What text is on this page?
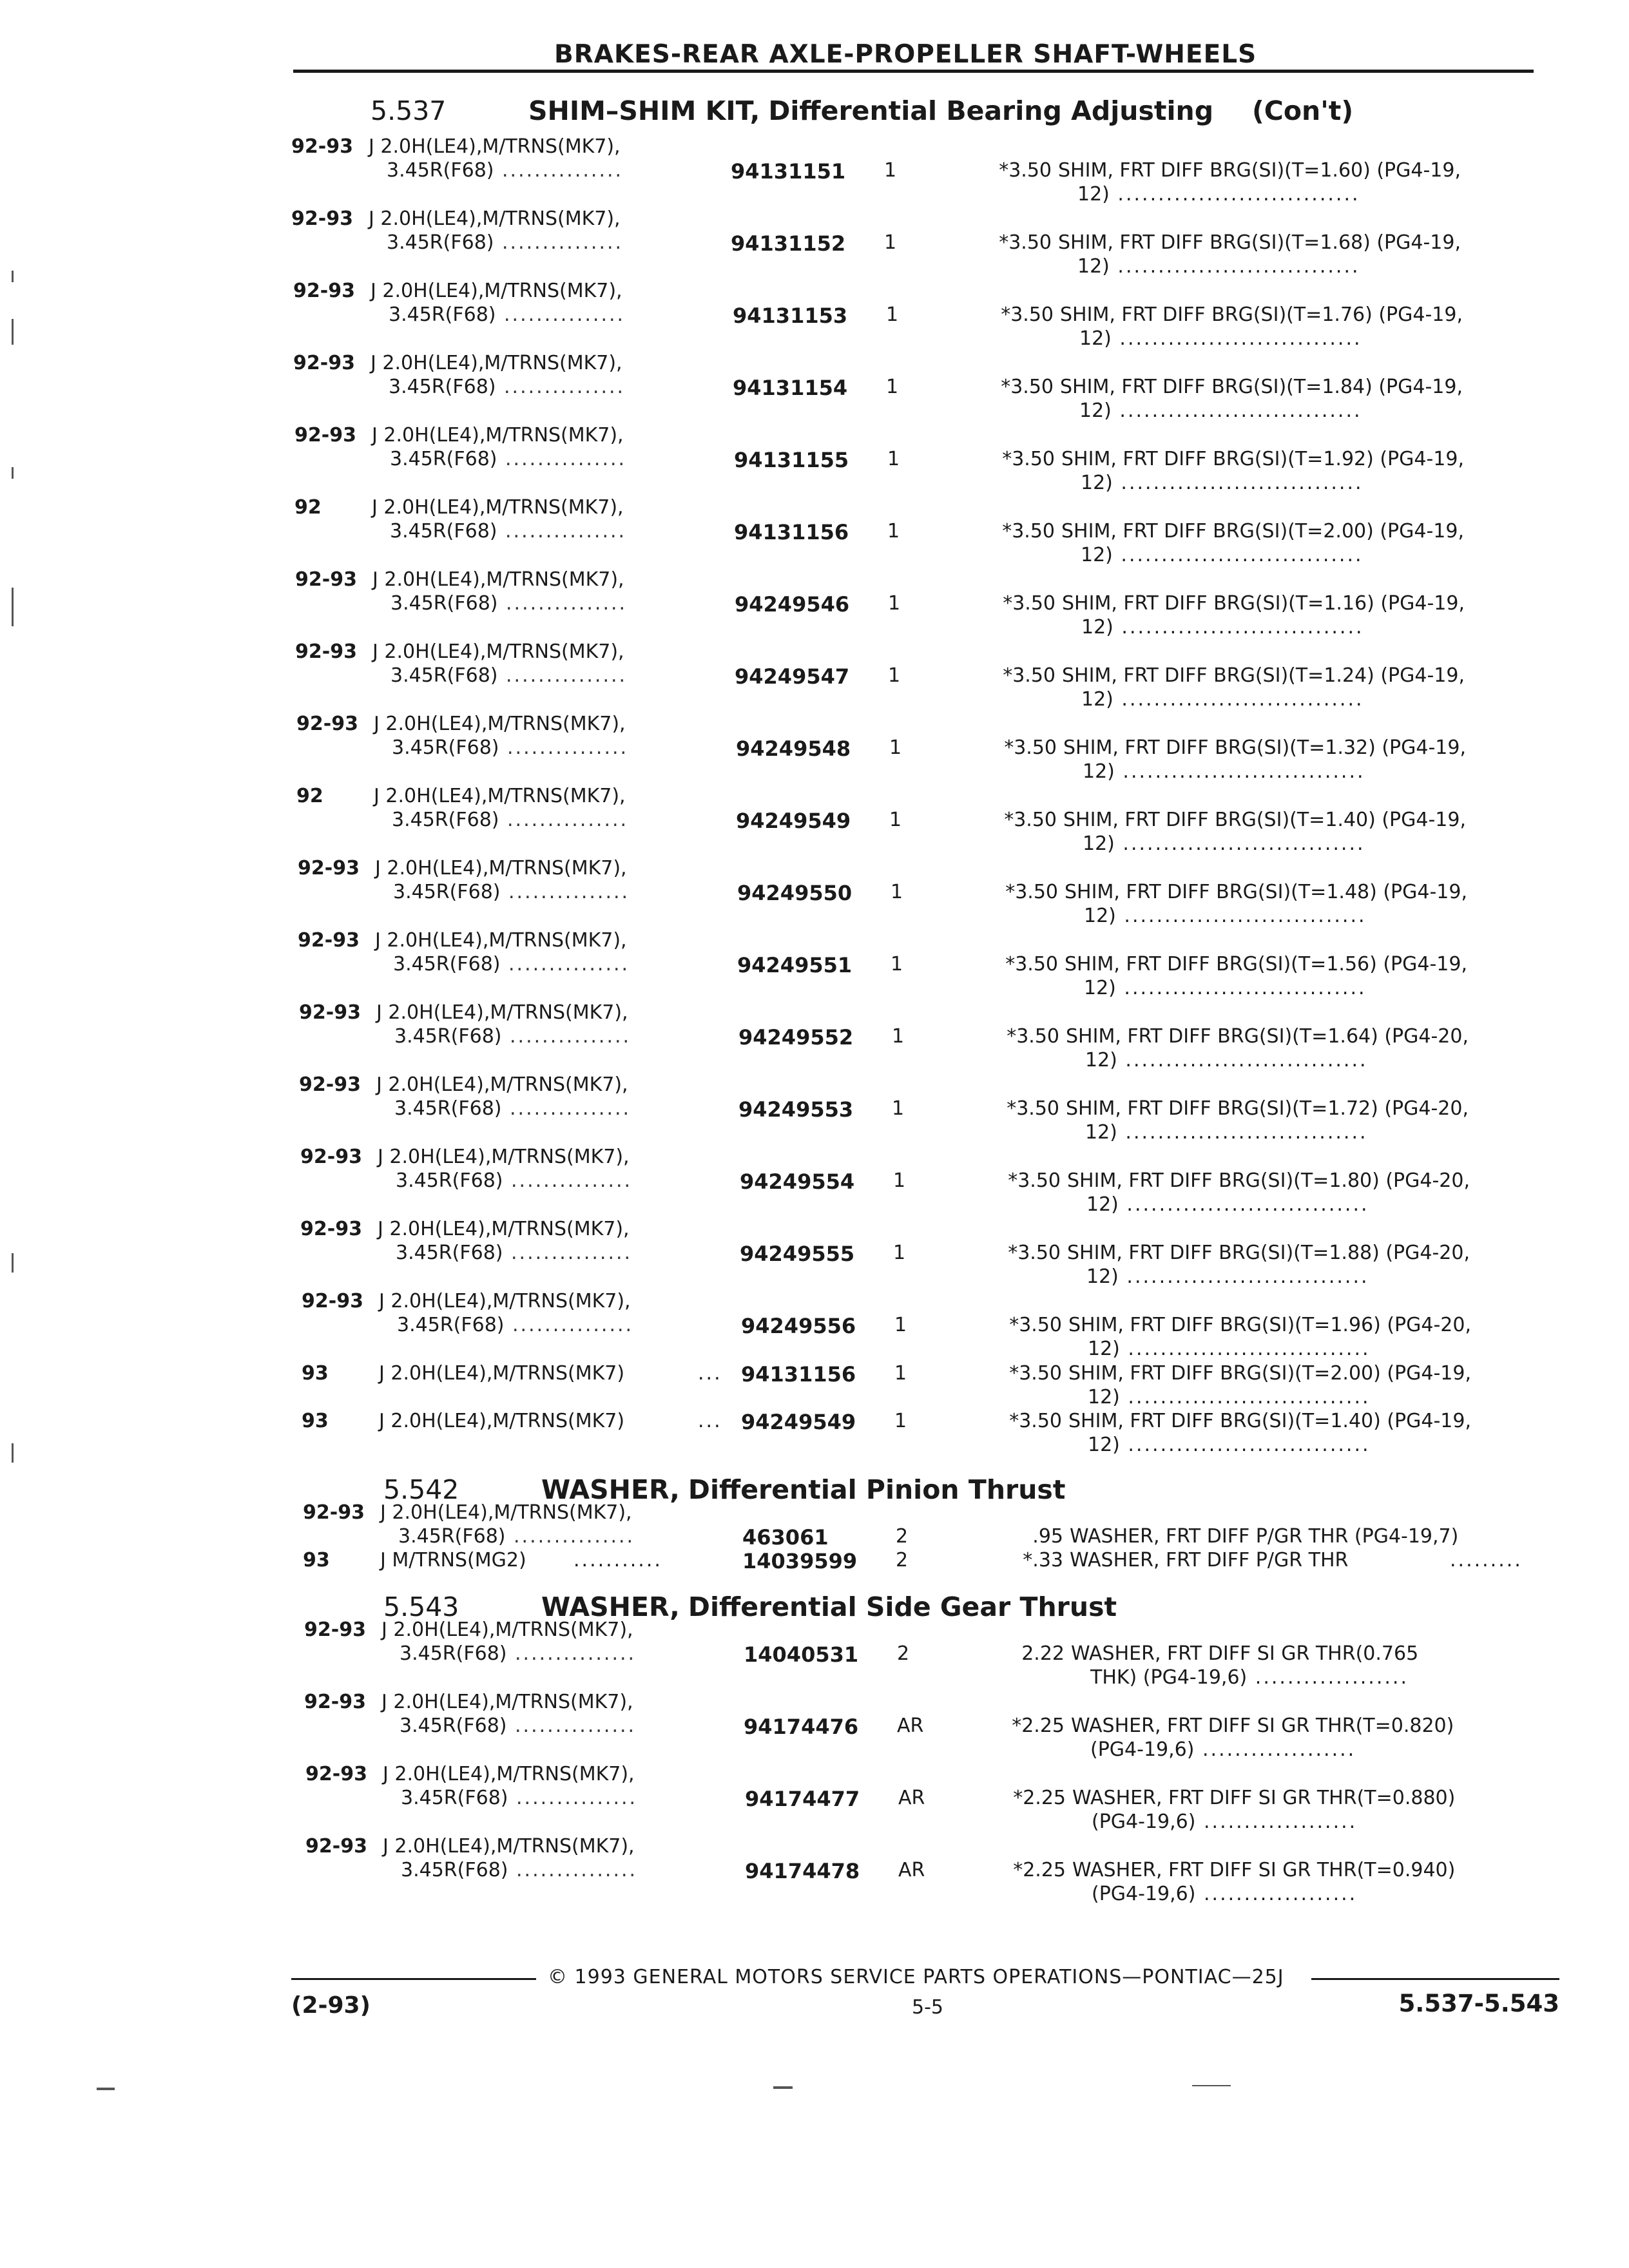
BRAKES-REAR AXLE-PROPELLER SHAFT-WHEELS
5.537	SHIM–SHIM KIT, Differential Bearing Adjusting (Con't)
5.542	WASHER, Differential Pinion Thrust
5.543	WASHER, Differential Side Gear Thrust
92-93 J 2.0H(LE4),M/TRNS(MK7),
3.45R(F68) ...............	94131151 1	*3.50 SHIM, FRT DIFF BRG(SI)(T=1.60) (PG4-19,
12) ..............................
92-93 J 2.0H(LE4),M/TRNS(MK7),
3.45R(F68) ...............	94131152 1	*3.50 SHIM, FRT DIFF BRG(SI)(T=1.68) (PG4-19,
12) ..............................
92-93 J 2.0H(LE4),M/TRNS(MK7),
3.45R(F68) ...............	94131153 1	*3.50 SHIM, FRT DIFF BRG(SI)(T=1.76) (PG4-19,
12) ..............................
92-93 J 2.0H(LE4),M/TRNS(MK7),
3.45R(F68) ...............	94131154 1	*3.50 SHIM, FRT DIFF BRG(SI)(T=1.84) (PG4-19,
12) ..............................
92-93 J 2.0H(LE4),M/TRNS(MK7),
3.45R(F68) ...............	94131155 1	*3.50 SHIM, FRT DIFF BRG(SI)(T=1.92) (PG4-19,
12) ..............................
92	J 2.0H(LE4),M/TRNS(MK7),
3.45R(F68) ...............	94131156 1	*3.50 SHIM, FRT DIFF BRG(SI)(T=2.00) (PG4-19,
12) ..............................
92-93 J 2.0H(LE4),M/TRNS(MK7),
3.45R(F68) ...............	94249546 1	*3.50 SHIM, FRT DIFF BRG(SI)(T=1.16) (PG4-19,
12) ..............................
92-93 J 2.0H(LE4),M/TRNS(MK7),
3.45R(F68) ...............	94249547 1	*3.50 SHIM, FRT DIFF BRG(SI)(T=1.24) (PG4-19,
12) ..............................
92-93 J 2.0H(LE4),M/TRNS(MK7),
3.45R(F68) ...............	94249548 1	*3.50 SHIM, FRT DIFF BRG(SI)(T=1.32) (PG4-19,
12) ..............................
92	J 2.0H(LE4),M/TRNS(MK7),
3.45R(F68) ...............	94249549 1	*3.50 SHIM, FRT DIFF BRG(SI)(T=1.40) (PG4-19,
12) ..............................
92-93 J 2.0H(LE4),M/TRNS(MK7),
3.45R(F68) ...............	94249550 1	*3.50 SHIM, FRT DIFF BRG(SI)(T=1.48) (PG4-19,
12) ..............................
92-93 J 2.0H(LE4),M/TRNS(MK7),
3.45R(F68) ...............	94249551 1	*3.50 SHIM, FRT DIFF BRG(SI)(T=1.56) (PG4-19,
12) ..............................
92-93 J 2.0H(LE4),M/TRNS(MK7),
3.45R(F68) ...............	94249552 1	*3.50 SHIM, FRT DIFF BRG(SI)(T=1.64) (PG4-20,
12) ..............................
92-93 J 2.0H(LE4),M/TRNS(MK7),
3.45R(F68) ...............	94249553 1	*3.50 SHIM, FRT DIFF BRG(SI)(T=1.72) (PG4-20,
12) ..............................
92-93 J 2.0H(LE4),M/TRNS(MK7),
3.45R(F68) ...............	94249554 1	*3.50 SHIM, FRT DIFF BRG(SI)(T=1.80) (PG4-20,
12) ..............................
92-93 J 2.0H(LE4),M/TRNS(MK7),
3.45R(F68) ...............	94249555 1	*3.50 SHIM, FRT DIFF BRG(SI)(T=1.88) (PG4-20,
12) ..............................
92-93 J 2.0H(LE4),M/TRNS(MK7),
3.45R(F68) ...............	94249556 1	*3.50 SHIM, FRT DIFF BRG(SI)(T=1.96) (PG4-20,
12) ..............................
93	J 2.0H(LE4),M/TRNS(MK7)	... 94131156 1	*3.50 SHIM, FRT DIFF BRG(SI)(T=2.00) (PG4-19,
12) ..............................
93	J 2.0H(LE4),M/TRNS(MK7)	... 94249549 1	*3.50 SHIM, FRT DIFF BRG(SI)(T=1.40) (PG4-19,
12) ..............................
92-93 J 2.0H(LE4),M/TRNS(MK7),
3.45R(F68) ...............	463061	2	.95 WASHER, FRT DIFF P/GR THR (PG4-19,7)
93	J M/TRNS(MG2) ...........	14039599 2	*.33 WASHER, FRT DIFF P/GR THR	.........
92-93 J 2.0H(LE4),M/TRNS(MK7),
3.45R(F68) ...............	14040531 2	2.22 WASHER, FRT DIFF SI GR THR(0.765
THK) (PG4-19,6) ...................
92-93 J 2.0H(LE4),M/TRNS(MK7),
3.45R(F68) ...............	94174476 AR	*2.25 WASHER, FRT DIFF SI GR THR(T=0.820)
(PG4-19,6) ...................
92-93 J 2.0H(LE4),M/TRNS(MK7),
3.45R(F68) ...............	94174477 AR	*2.25 WASHER, FRT DIFF SI GR THR(T=0.880)
(PG4-19,6) ...................
92-93 J 2.0H(LE4),M/TRNS(MK7),
3.45R(F68) ...............	94174478 AR	*2.25 WASHER, FRT DIFF SI GR THR(T=0.940)
(PG4-19,6) ...................
© 1993 GENERAL MOTORS SERVICE PARTS OPERATIONS—PONTIAC—25J
(2-93)	5-5	5.537-5.543
